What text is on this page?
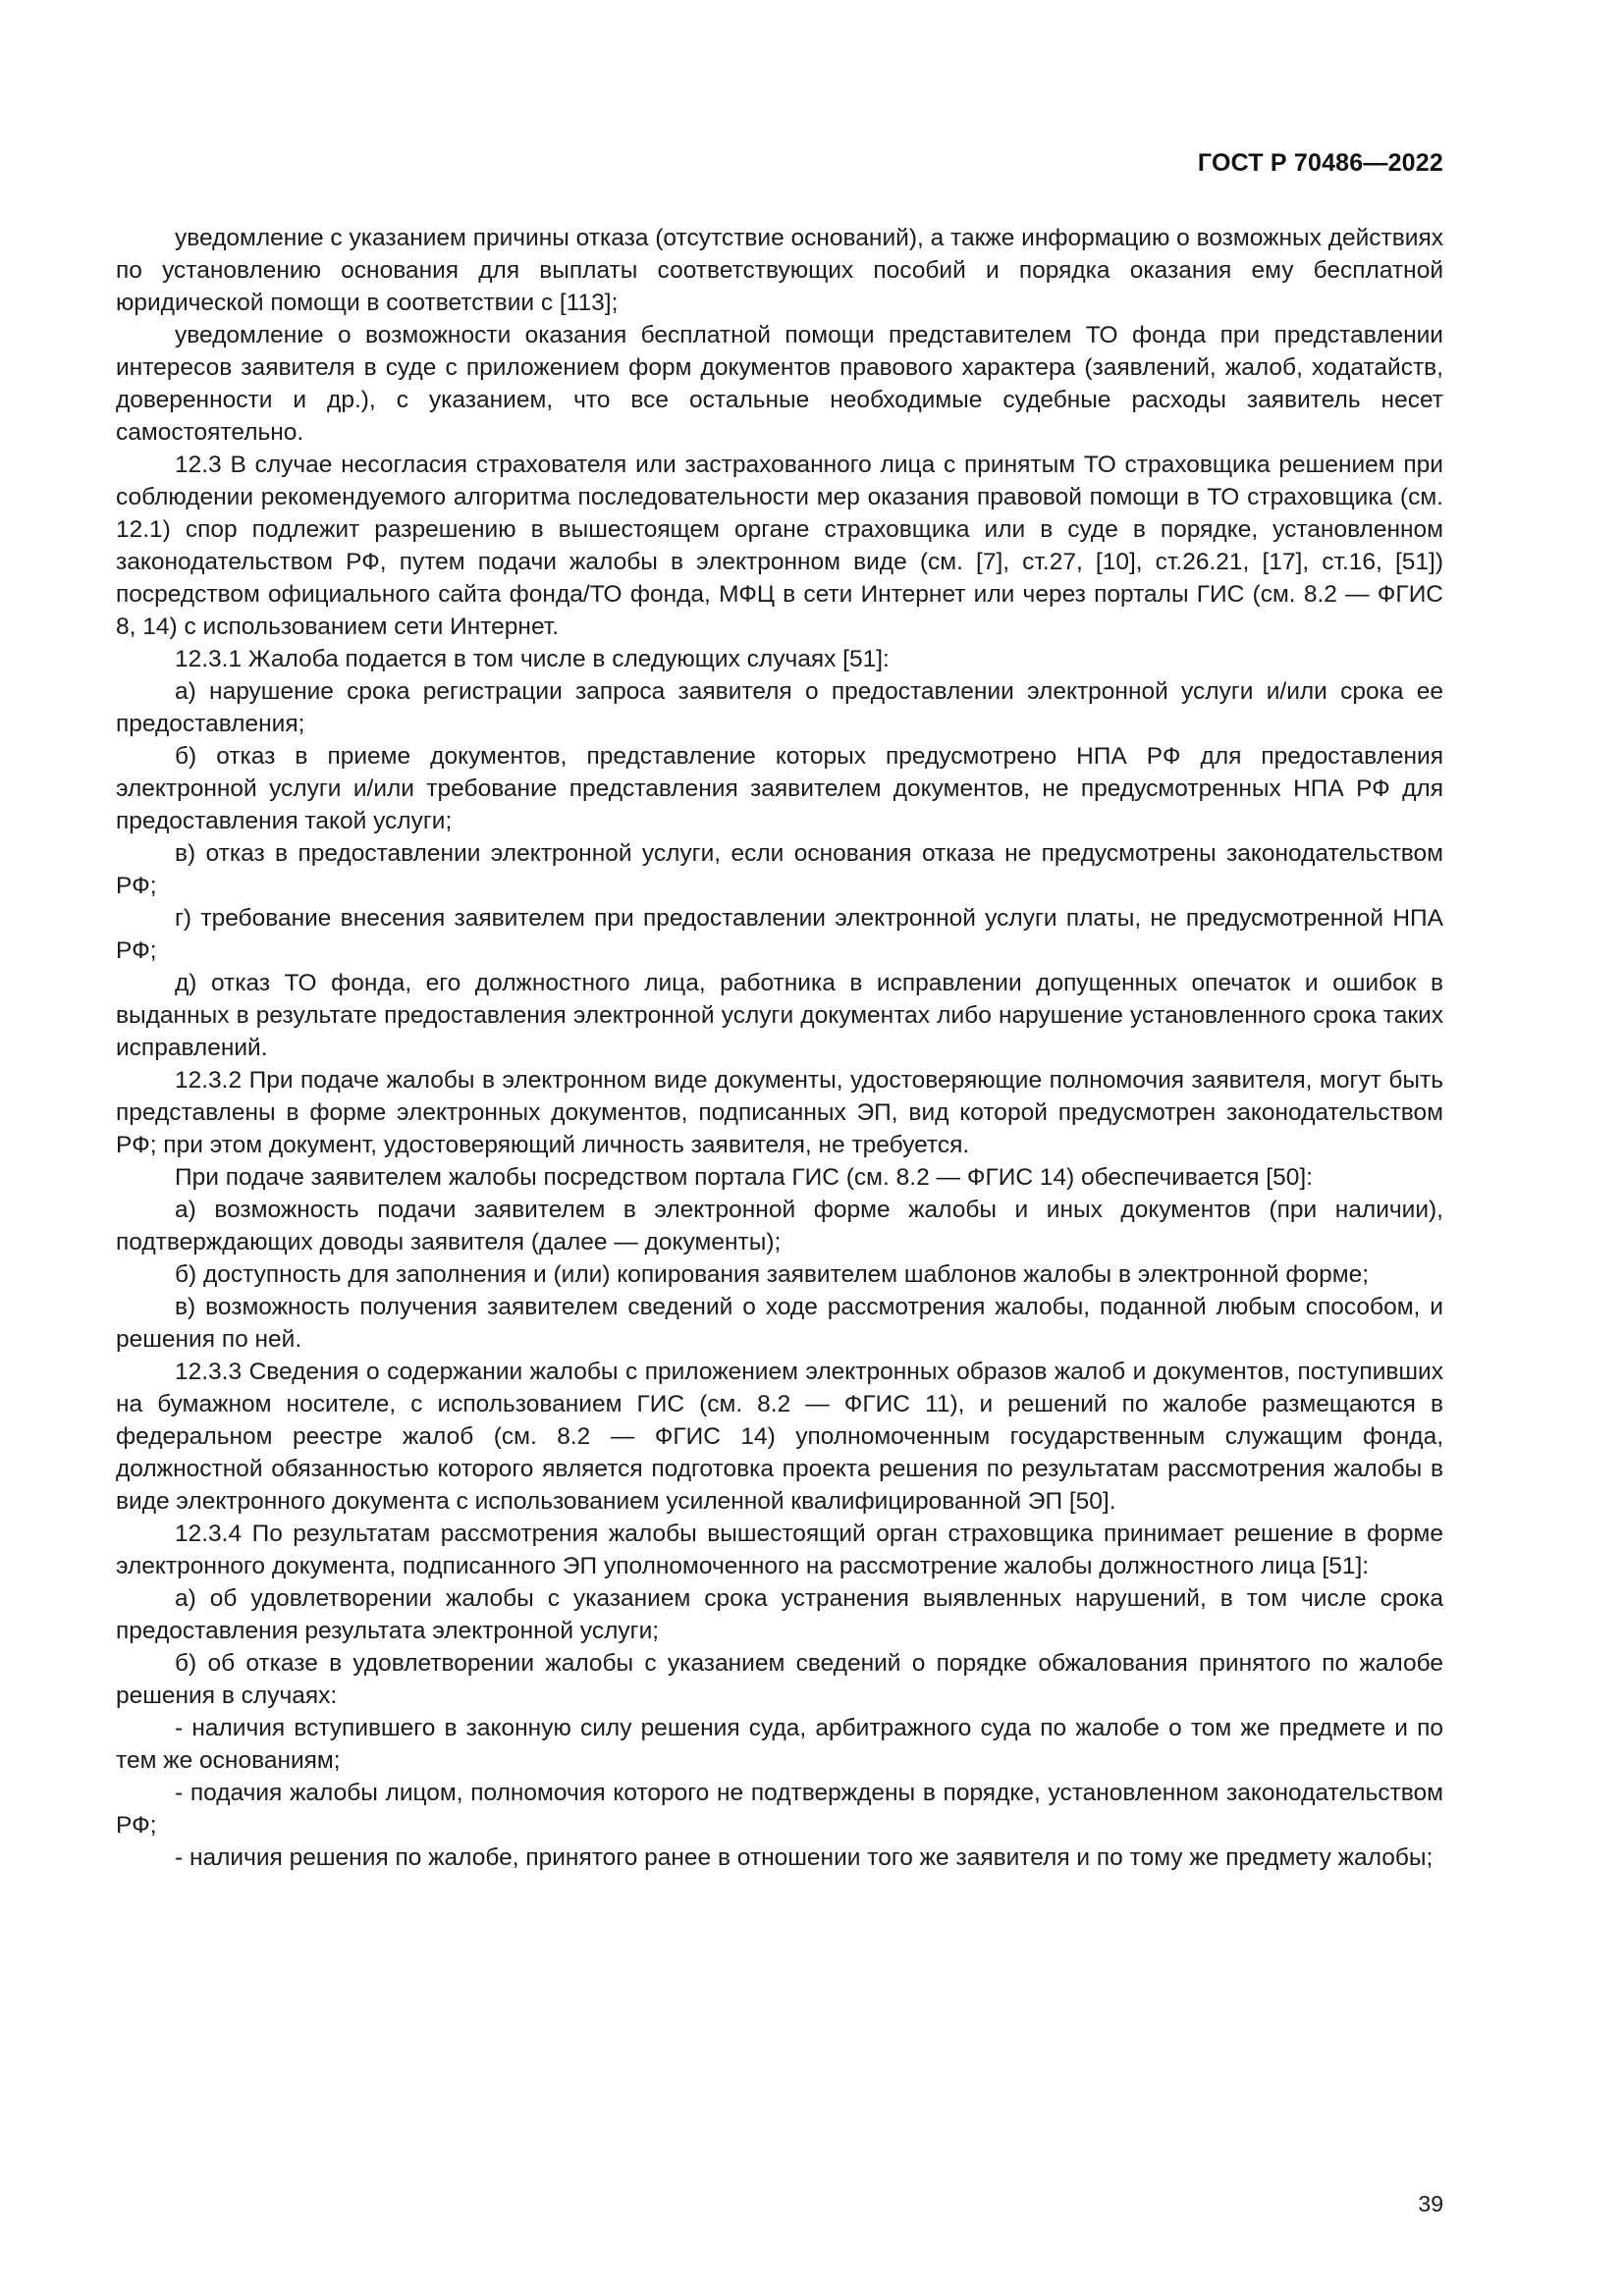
ГОСТ Р 70486—2022

уведомление с указанием причины отказа (отсутствие оснований), а также информацию о возможных действиях по установлению основания для выплаты соответствующих пособий и порядка оказания ему бесплатной юридической помощи в соответствии с [113];

уведомление о возможности оказания бесплатной помощи представителем ТО фонда при представлении интересов заявителя в суде с приложением форм документов правового характера (заявлений, жалоб, ходатайств, доверенности и др.), с указанием, что все остальные необходимые судебные расходы заявитель несет самостоятельно.

12.3 В случае несогласия страхователя или застрахованного лица с принятым ТО страховщика решением при соблюдении рекомендуемого алгоритма последовательности мер оказания правовой помощи в ТО страховщика (см. 12.1) спор подлежит разрешению в вышестоящем органе страховщика или в суде в порядке, установленном законодательством РФ, путем подачи жалобы в электронном виде (см. [7], ст.27, [10], ст.26.21, [17], ст.16, [51]) посредством официального сайта фонда/ТО фонда, МФЦ в сети Интернет или через порталы ГИС (см. 8.2 — ФГИС 8, 14) с использованием сети Интернет.

12.3.1 Жалоба подается в том числе в следующих случаях [51]:

а) нарушение срока регистрации запроса заявителя о предоставлении электронной услуги и/или срока ее предоставления;

б) отказ в приеме документов, представление которых предусмотрено НПА РФ для предоставления электронной услуги и/или требование представления заявителем документов, не предусмотренных НПА РФ для предоставления такой услуги;

в) отказ в предоставлении электронной услуги, если основания отказа не предусмотрены законодательством РФ;

г) требование внесения заявителем при предоставлении электронной услуги платы, не предусмотренной НПА РФ;

д) отказ ТО фонда, его должностного лица, работника в исправлении допущенных опечаток и ошибок в выданных в результате предоставления электронной услуги документах либо нарушение установленного срока таких исправлений.

12.3.2 При подаче жалобы в электронном виде документы, удостоверяющие полномочия заявителя, могут быть представлены в форме электронных документов, подписанных ЭП, вид которой предусмотрен законодательством РФ; при этом документ, удостоверяющий личность заявителя, не требуется.

При подаче заявителем жалобы посредством портала ГИС (см. 8.2 — ФГИС 14) обеспечивается [50]:

а) возможность подачи заявителем в электронной форме жалобы и иных документов (при наличии), подтверждающих доводы заявителя (далее — документы);

б) доступность для заполнения и (или) копирования заявителем шаблонов жалобы в электронной форме;

в) возможность получения заявителем сведений о ходе рассмотрения жалобы, поданной любым способом, и решения по ней.

12.3.3 Сведения о содержании жалобы с приложением электронных образов жалоб и документов, поступивших на бумажном носителе, с использованием ГИС (см. 8.2 — ФГИС 11), и решений по жалобе размещаются в федеральном реестре жалоб (см. 8.2 — ФГИС 14) уполномоченным государственным служащим фонда, должностной обязанностью которого является подготовка проекта решения по результатам рассмотрения жалобы в виде электронного документа с использованием усиленной квалифицированной ЭП [50].

12.3.4 По результатам рассмотрения жалобы вышестоящий орган страховщика принимает решение в форме электронного документа, подписанного ЭП уполномоченного на рассмотрение жалобы должностного лица [51]:

а) об удовлетворении жалобы с указанием срока устранения выявленных нарушений, в том числе срока предоставления результата электронной услуги;

б) об отказе в удовлетворении жалобы с указанием сведений о порядке обжалования принятого по жалобе решения в случаях:

- наличия вступившего в законную силу решения суда, арбитражного суда по жалобе о том же предмете и по тем же основаниям;

- подачия жалобы лицом, полномочия которого не подтверждены в порядке, установленном законодательством РФ;

- наличия решения по жалобе, принятого ранее в отношении того же заявителя и по тому же предмету жалобы;

39
